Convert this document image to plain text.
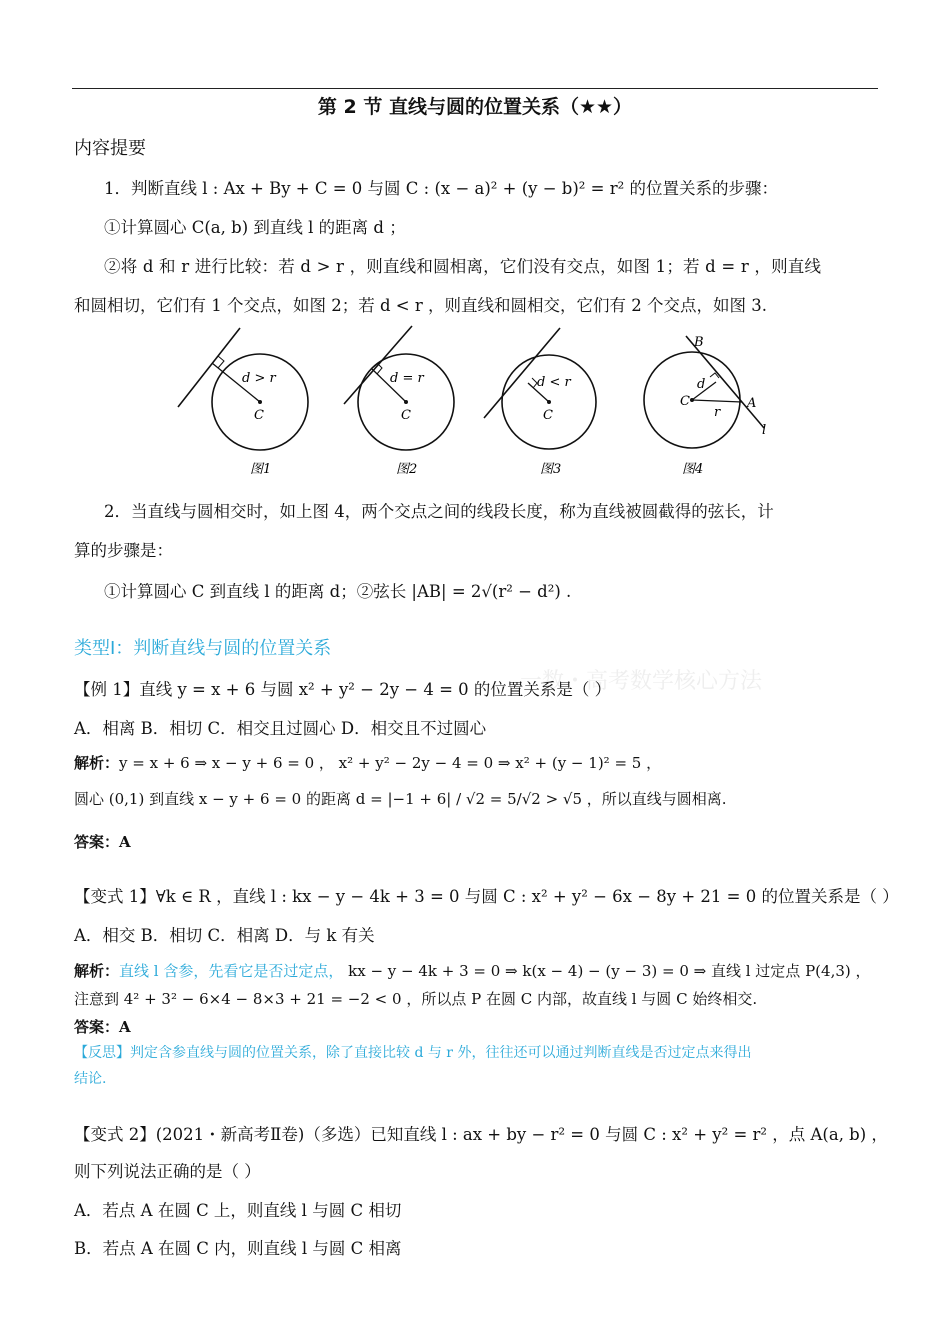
第 2 节 直线与圆的位置关系（★★）
内容提要
1．判断直线 l : Ax + By + C = 0 与圆 C : (x − a)² + (y − b)² = r² 的位置关系的步骤：
①计算圆心 C(a, b) 到直线 l 的距离 d ；
②将 d 和 r 进行比较：若 d > r ，则直线和圆相离，它们没有交点，如图 1；若 d = r ，则直线
和圆相切，它们有 1 个交点，如图 2；若 d < r ，则直线和圆相交，它们有 2 个交点，如图 3.
d > r
C
图1
d = r
C
图2
d < r
C
图3
B
d
C
r
A
l
图4
2．当直线与圆相交时，如上图 4，两个交点之间的线段长度，称为直线被圆截得的弦长，计
算的步骤是：
①计算圆心 C 到直线 l 的距离 d；②弦长 |AB| = 2√(r² − d²) .
类型Ⅰ：判断直线与圆的位置关系
一数・高考数学核心方法
【例 1】直线 y = x + 6 与圆 x² + y² − 2y − 4 = 0 的位置关系是（ ）
A．相离 B．相切 C．相交且过圆心 D．相交且不过圆心
解析：y = x + 6 ⇒ x − y + 6 = 0 ， x² + y² − 2y − 4 = 0 ⇒ x² + (y − 1)² = 5 ，
圆心 (0,1) 到直线 x − y + 6 = 0 的距离 d = |−1 + 6| / √2 = 5/√2 > √5 ，所以直线与圆相离.
答案：A
【变式 1】∀k ∈ R ，直线 l : kx − y − 4k + 3 = 0 与圆 C : x² + y² − 6x − 8y + 21 = 0 的位置关系是（ ）
A．相交 B．相切 C．相离 D．与 k 有关
解析：直线 l 含参，先看它是否过定点， kx − y − 4k + 3 = 0 ⇒ k(x − 4) − (y − 3) = 0 ⇒ 直线 l 过定点 P(4,3) ，
注意到 4² + 3² − 6×4 − 8×3 + 21 = −2 < 0 ，所以点 P 在圆 C 内部，故直线 l 与圆 C 始终相交.
答案：A
【反思】判定含参直线与圆的位置关系，除了直接比较 d 与 r 外，往往还可以通过判断直线是否过定点来得出
结论.
【变式 2】(2021・新高考Ⅱ卷)（多选）已知直线 l : ax + by − r² = 0 与圆 C : x² + y² = r² ，点 A(a, b) ，
则下列说法正确的是（ ）
A．若点 A 在圆 C 上，则直线 l 与圆 C 相切
B．若点 A 在圆 C 内，则直线 l 与圆 C 相离
